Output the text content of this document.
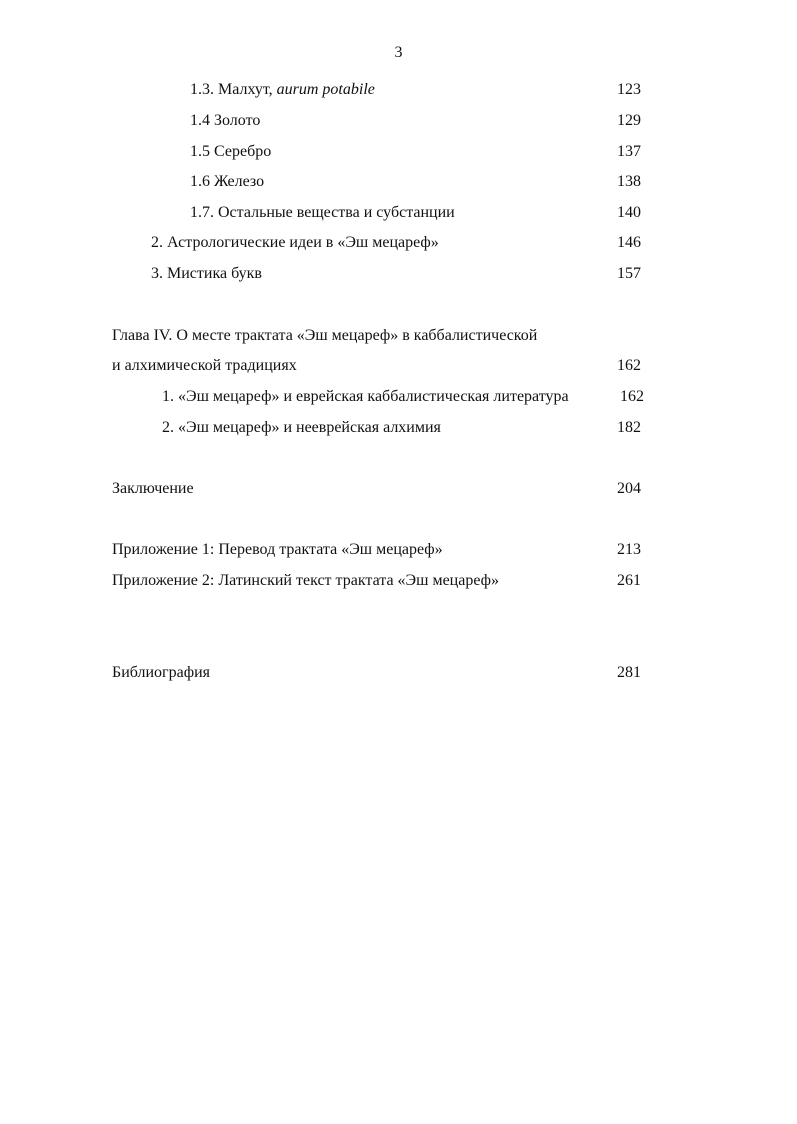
3
1.3. Малхут, aurum potabile	123
1.4 Золото	129
1.5 Серебро	137
1.6 Железо	138
1.7. Остальные вещества и субстанции	140
2. Астрологические идеи в «Эш мецареф»	146
3. Мистика букв	157
Глава IV. О месте трактата «Эш мецареф» в каббалистической
и алхимической традициях	162
1. «Эш мецареф» и еврейская каббалистическая литература	162
2. «Эш мецареф» и нееврейская алхимия	182
Заключение	204
Приложение 1: Перевод трактата «Эш мецареф»	213
Приложение 2: Латинский текст трактата «Эш мецареф»	261
Библиография	281
